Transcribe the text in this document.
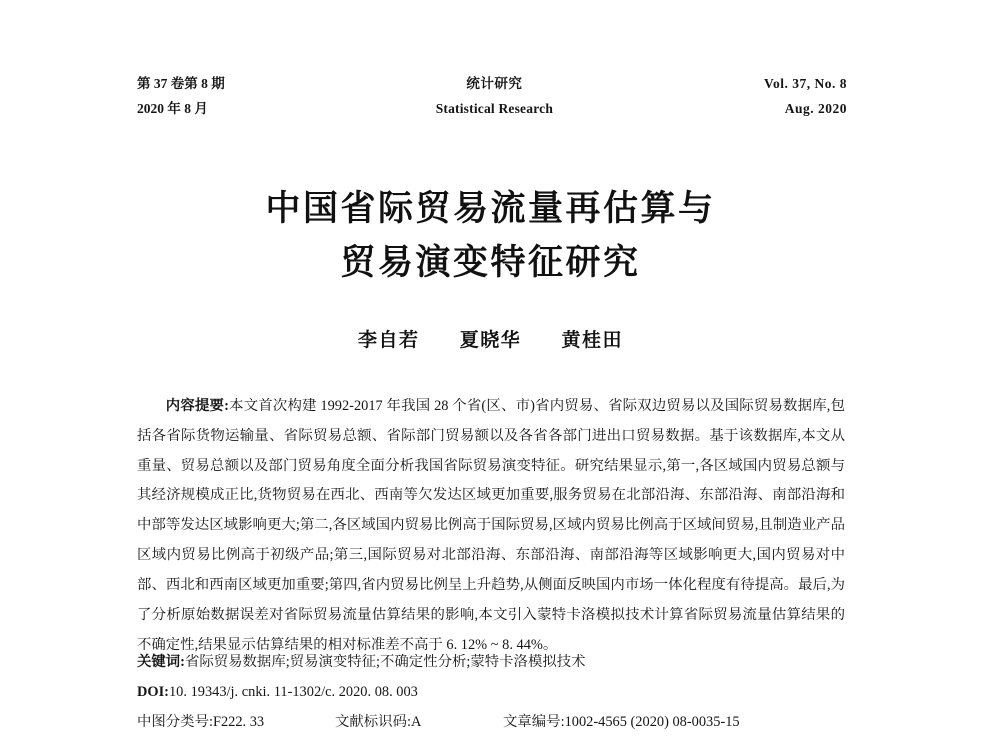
第 37 卷第 8 期
2020 年 8 月
统计研究
Statistical Research
Vol. 37, No. 8
Aug. 2020
中国省际贸易流量再估算与
贸易演变特征研究
李自若 夏晓华 黄桂田

内容提要:本文首次构建 1992-2017 年我国 28 个省(区、市)省内贸易、省际双边贸易以及国际贸易数据库,包括各省际货物运输量、省际贸易总额、省际部门贸易额以及各省各部门进出口贸易数据。基于该数据库,本文从重量、贸易总额以及部门贸易角度全面分析我国省际贸易演变特征。研究结果显示,第一,各区域国内贸易总额与其经济规模成正比,货物贸易在西北、西南等欠发达区域更加重要,服务贸易在北部沿海、东部沿海、南部沿海和中部等发达区域影响更大;第二,各区域国内贸易比例高于国际贸易,区域内贸易比例高于区域间贸易,且制造业产品区域内贸易比例高于初级产品;第三,国际贸易对北部沿海、东部沿海、南部沿海等区域影响更大,国内贸易对中部、西北和西南区域更加重要;第四,省内贸易比例呈上升趋势,从侧面反映国内市场一体化程度有待提高。最后,为了分析原始数据误差对省际贸易流量估算结果的影响,本文引入蒙特卡洛模拟技术计算省际贸易流量估算结果的不确定性,结果显示估算结果的相对标准差不高于 6. 12% ~ 8. 44%。

关键词:省际贸易数据库;贸易演变特征;不确定性分析;蒙特卡洛模拟技术
DOI:10. 19343/j. cnki. 11-1302/c. 2020. 08. 003
中图分类号:F222. 33	文献标识码:A	文章编号:1002-4565 (2020) 08-0035-15
